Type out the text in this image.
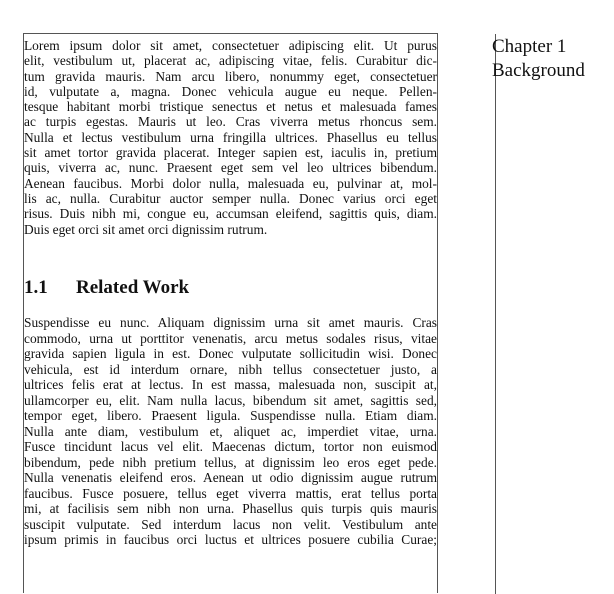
Lorem ipsum dolor sit amet, consectetuer adipiscing elit. Ut purus
elit, vestibulum ut, placerat ac, adipiscing vitae, felis. Curabitur dic-
tum gravida mauris. Nam arcu libero, nonummy eget, consectetuer
id, vulputate a, magna. Donec vehicula augue eu neque. Pellen-
tesque habitant morbi tristique senectus et netus et malesuada fames
ac turpis egestas. Mauris ut leo. Cras viverra metus rhoncus sem.
Nulla et lectus vestibulum urna fringilla ultrices. Phasellus eu tellus
sit amet tortor gravida placerat. Integer sapien est, iaculis in, pretium
quis, viverra ac, nunc. Praesent eget sem vel leo ultrices bibendum.
Aenean faucibus. Morbi dolor nulla, malesuada eu, pulvinar at, mol-
lis ac, nulla. Curabitur auctor semper nulla. Donec varius orci eget
risus. Duis nibh mi, congue eu, accumsan eleifend, sagittis quis, diam.
Duis eget orci sit amet orci dignissim rutrum.
1.1 Related Work
Suspendisse eu nunc. Aliquam dignissim urna sit amet mauris. Cras
commodo, urna ut porttitor venenatis, arcu metus sodales risus, vitae
gravida sapien ligula in est. Donec vulputate sollicitudin wisi. Donec
vehicula, est id interdum ornare, nibh tellus consectetuer justo, a
ultrices felis erat at lectus. In est massa, malesuada non, suscipit at,
ullamcorper eu, elit. Nam nulla lacus, bibendum sit amet, sagittis sed,
tempor eget, libero. Praesent ligula. Suspendisse nulla. Etiam diam.
Nulla ante diam, vestibulum et, aliquet ac, imperdiet vitae, urna.
Fusce tincidunt lacus vel elit. Maecenas dictum, tortor non euismod
bibendum, pede nibh pretium tellus, at dignissim leo eros eget pede.
Nulla venenatis eleifend eros. Aenean ut odio dignissim augue rutrum
faucibus. Fusce posuere, tellus eget viverra mattis, erat tellus porta
mi, at facilisis sem nibh non urna. Phasellus quis turpis quis mauris
suscipit vulputate. Sed interdum lacus non velit. Vestibulum ante
ipsum primis in faucibus orci luctus et ultrices posuere cubilia Curae;
Chapter 1
Background
